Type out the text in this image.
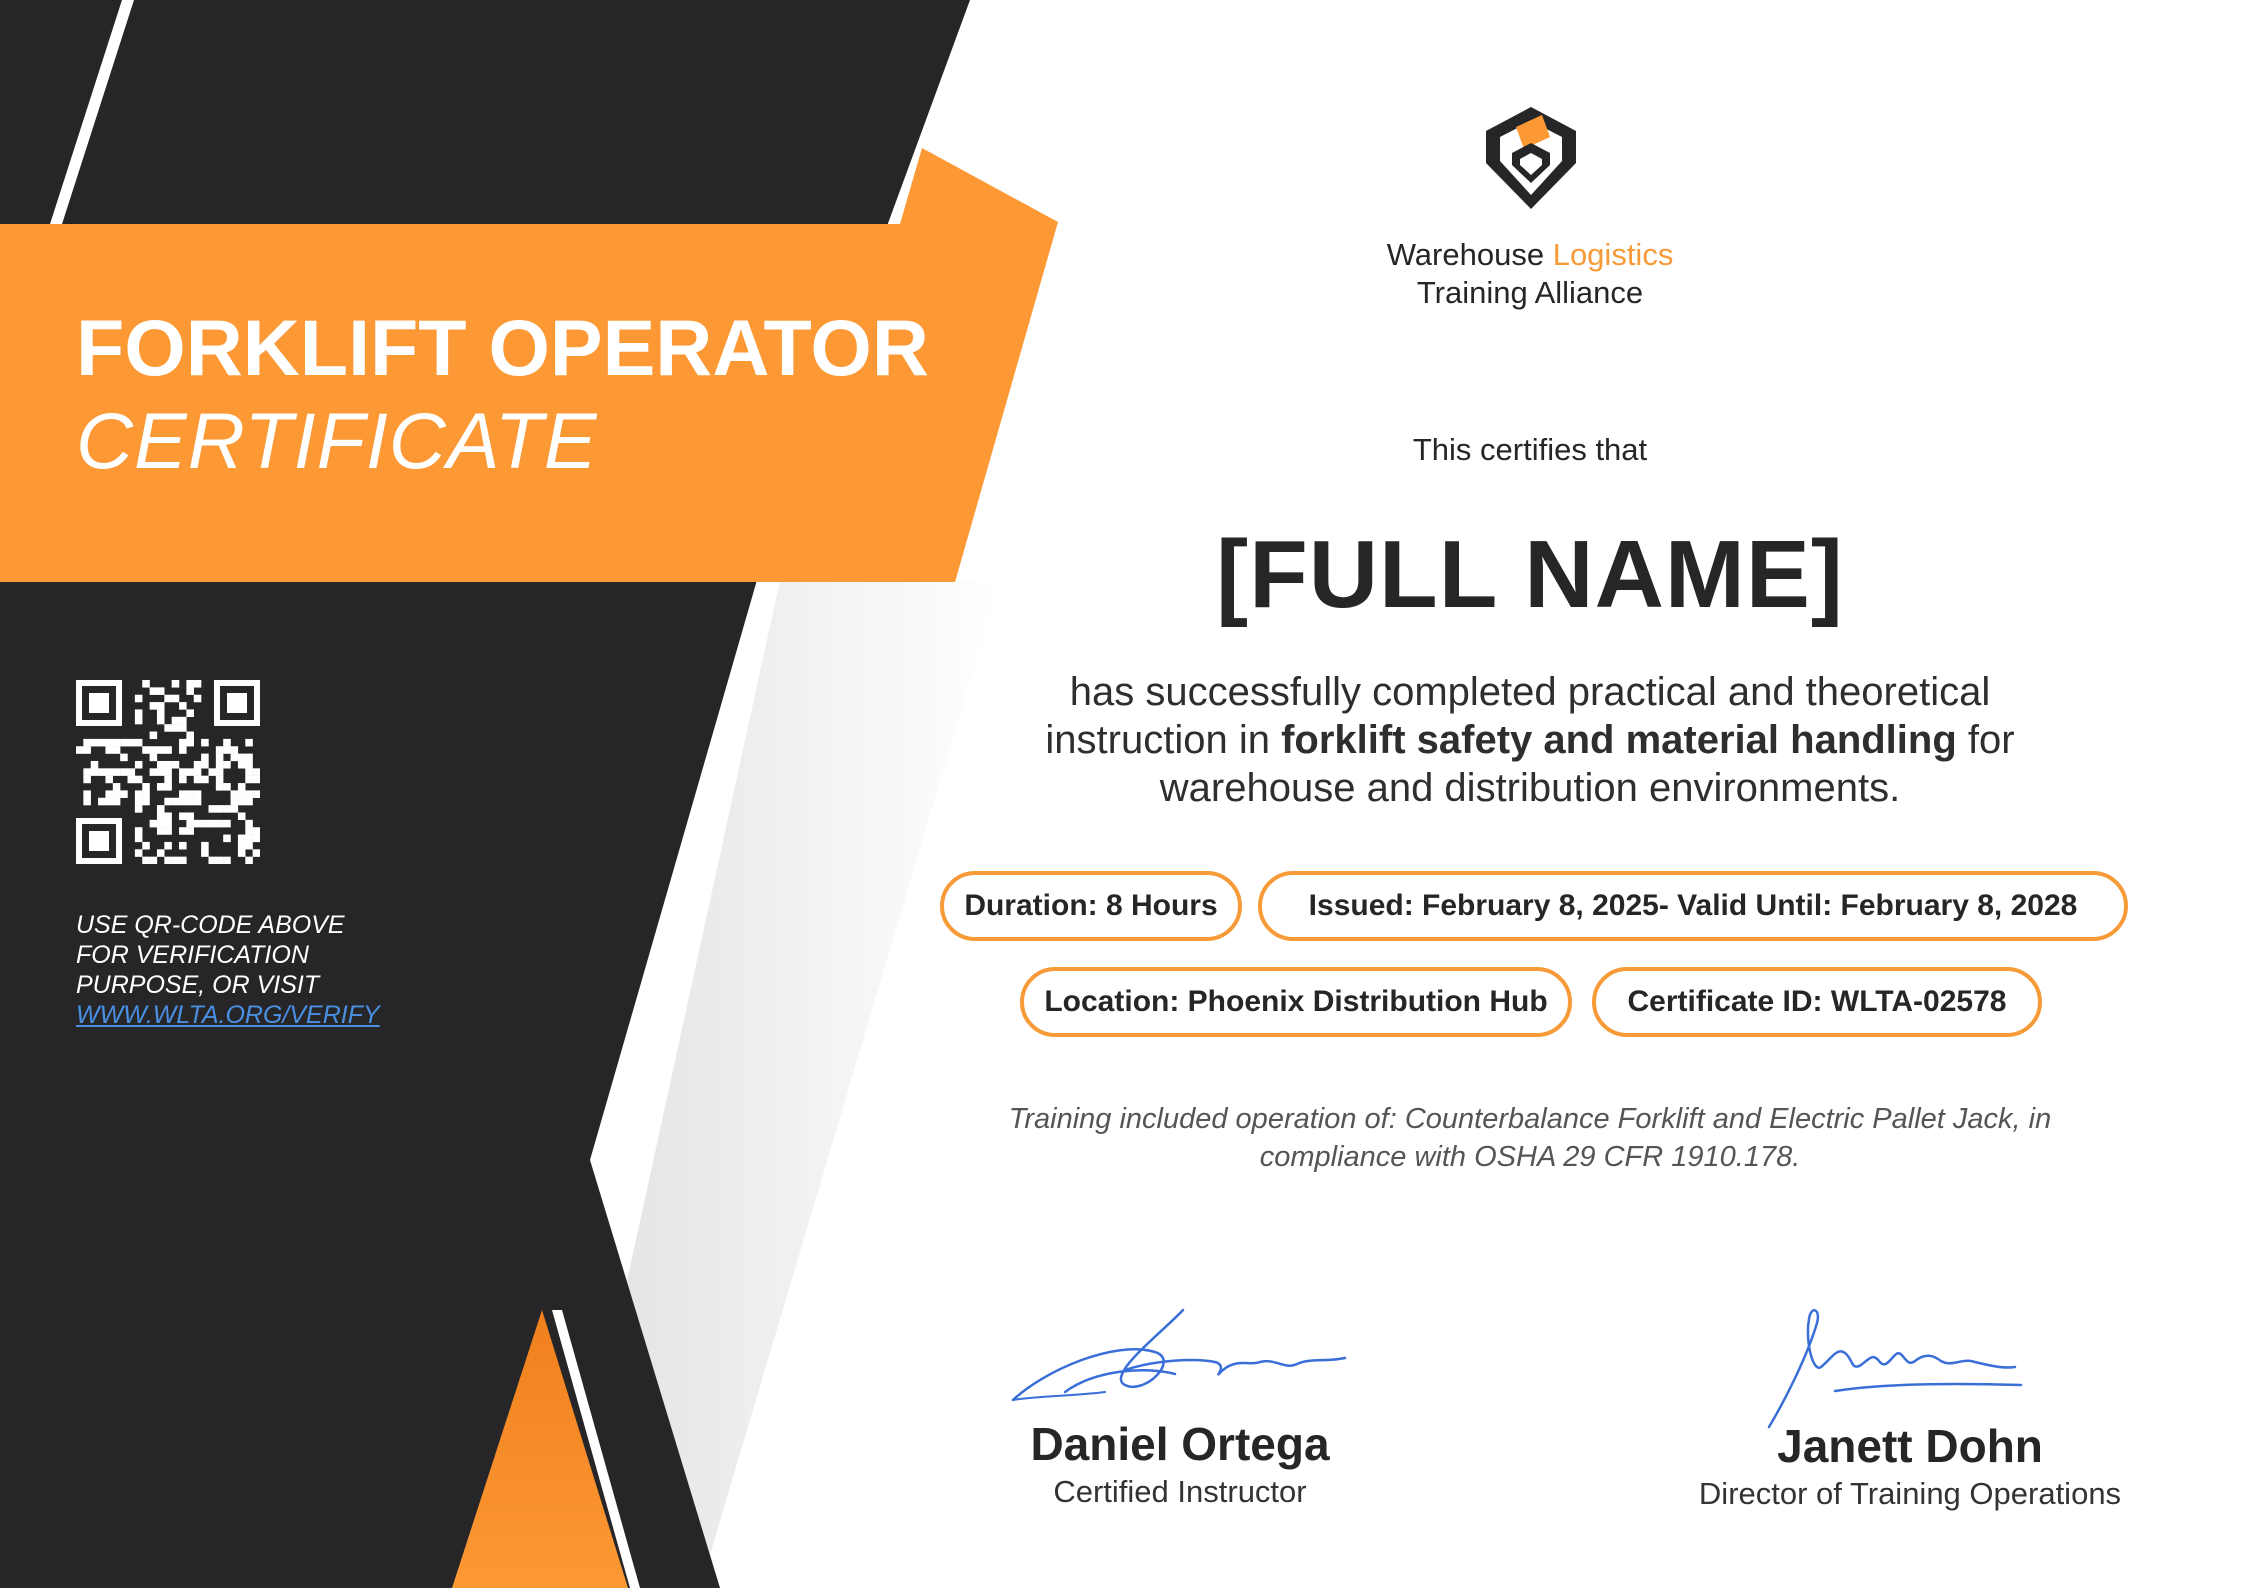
FORKLIFT OPERATOR
CERTIFICATE
USE QR-CODE ABOVE
FOR VERIFICATION
PURPOSE, OR VISIT
WWW.WLTA.ORG/VERIFY
Warehouse Logistics
Training Alliance
This certifies that
[FULL NAME]
has successfully completed practical and theoretical instruction in forklift safety and material handling for warehouse and distribution environments.
Duration: 8 Hours	Issued: February 8, 2025- Valid Until: February 8, 2028
Location: Phoenix Distribution Hub	Certificate ID: WLTA-02578
Training included operation of: Counterbalance Forklift and Electric Pallet Jack, in compliance with OSHA 29 CFR 1910.178.
Daniel Ortega
Certified Instructor
Janett Dohn
Director of Training Operations
